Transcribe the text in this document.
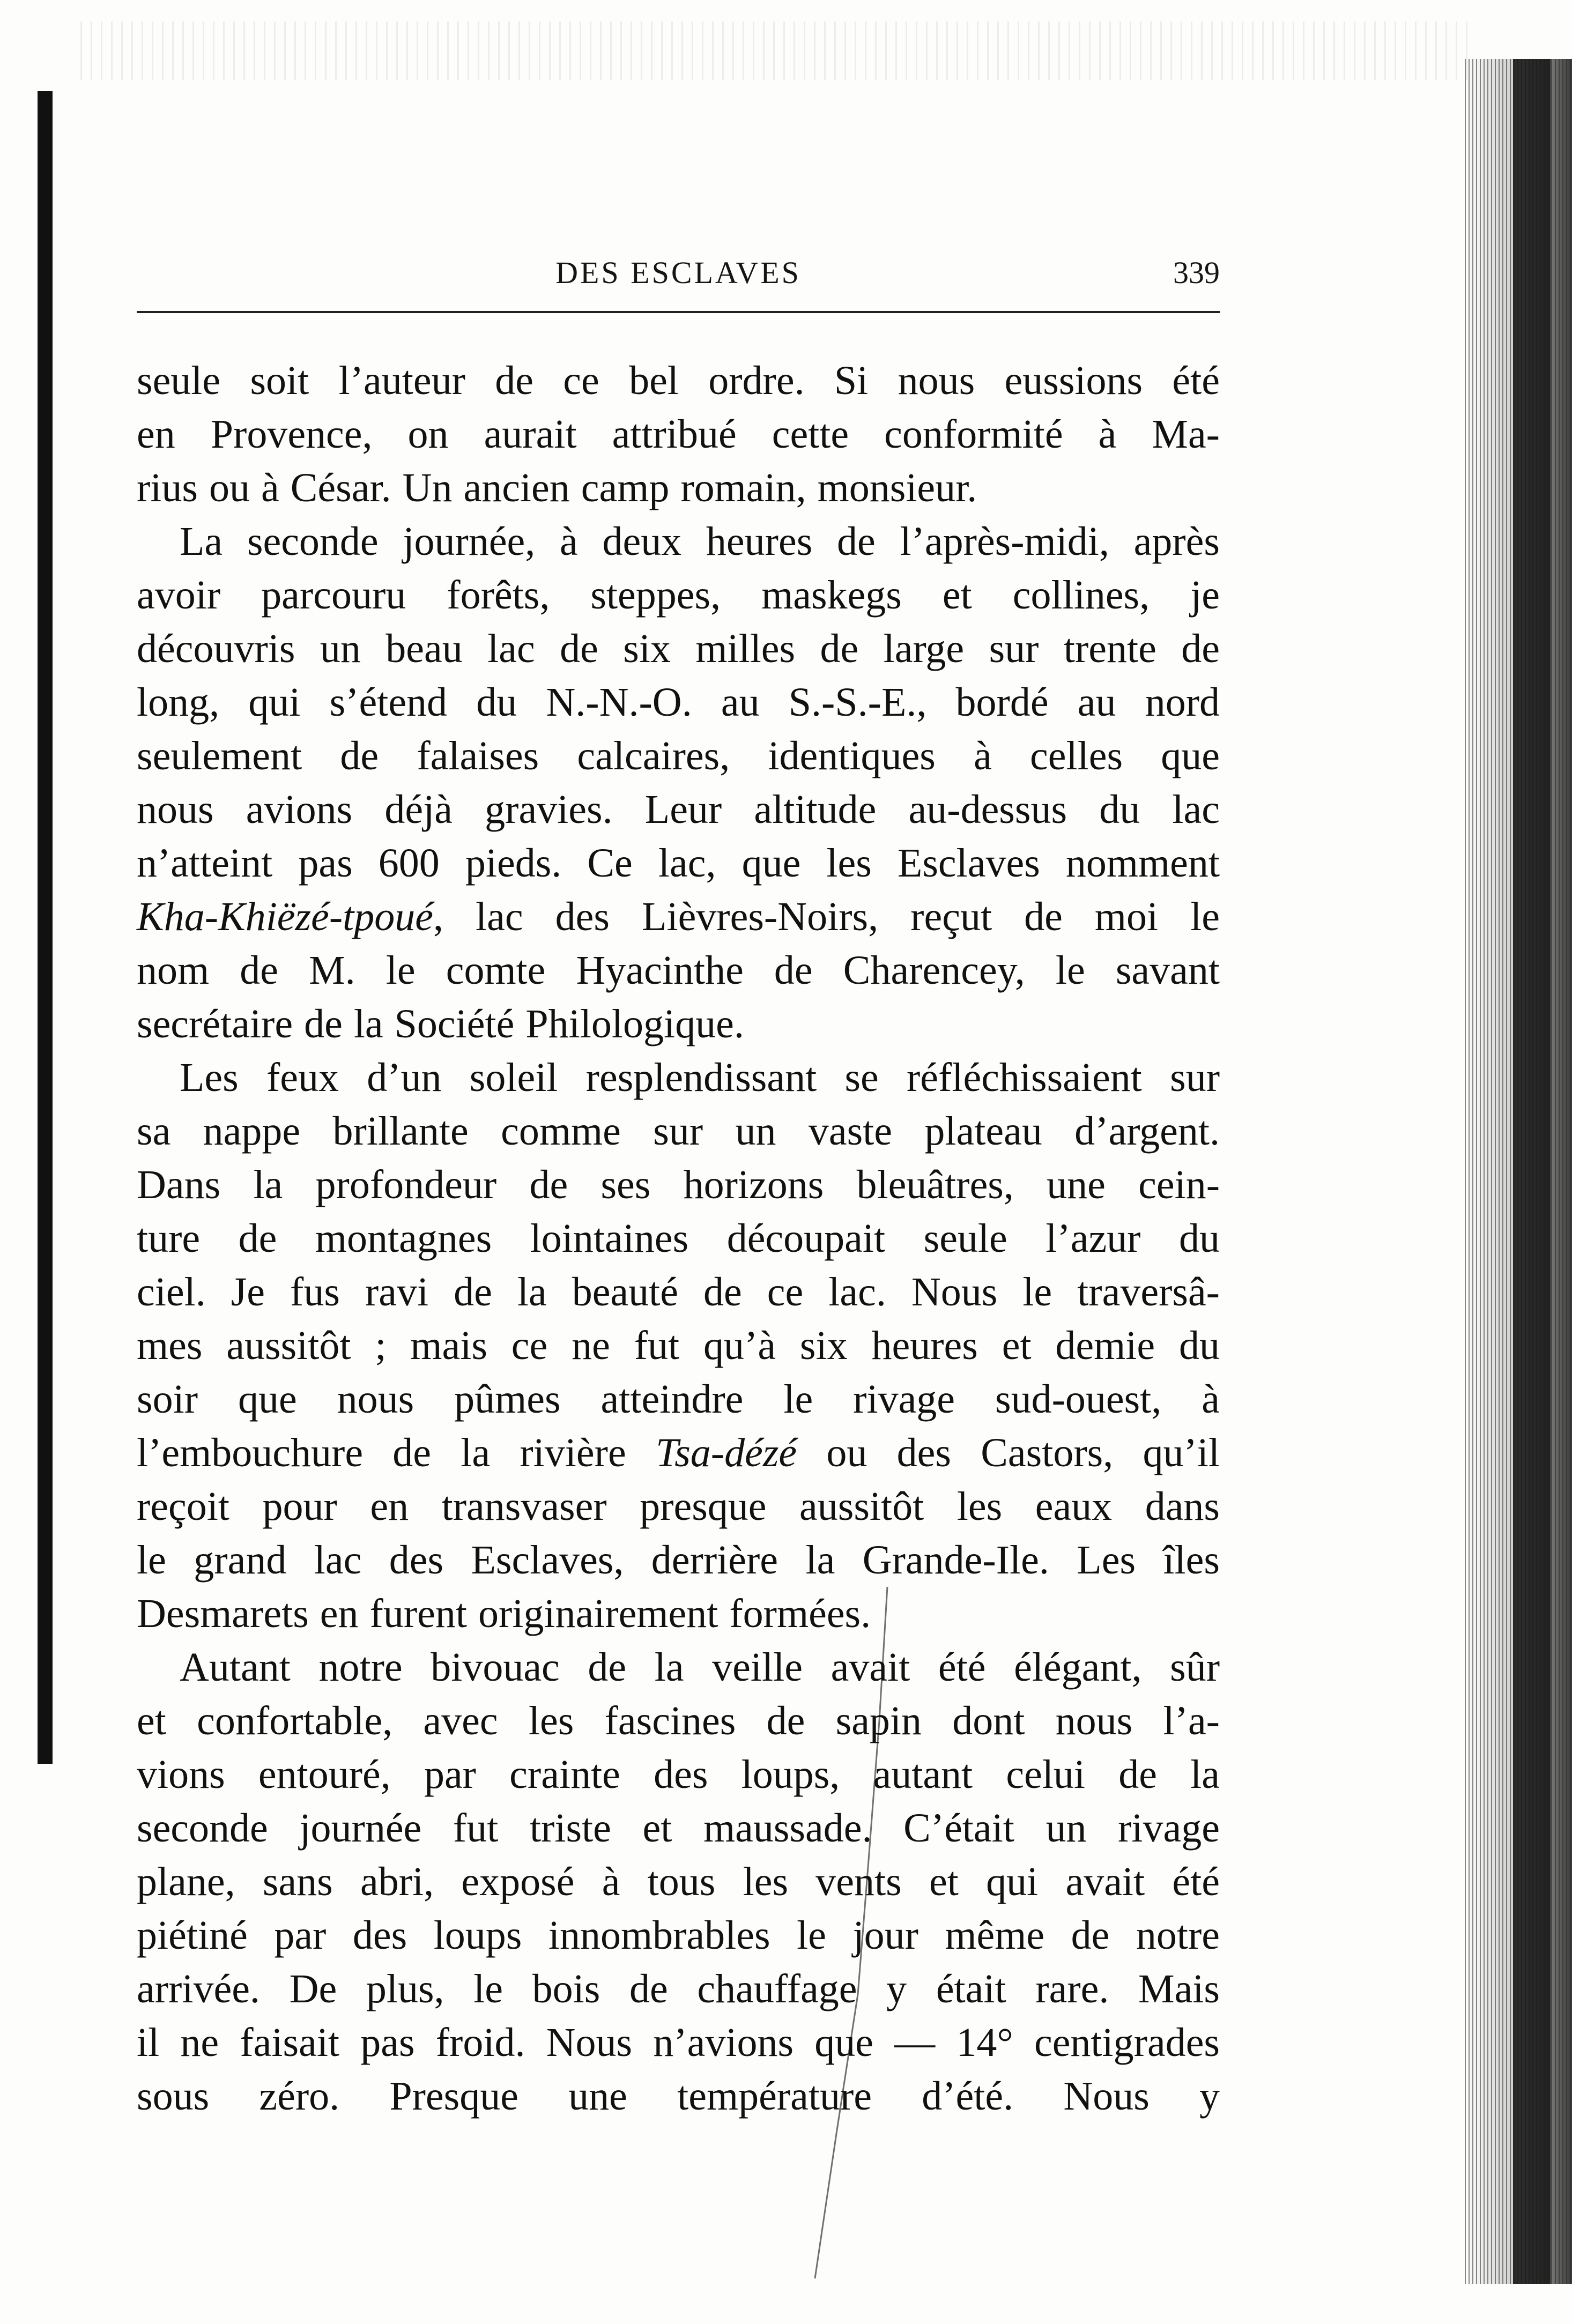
DES ESCLAVES	339
seule soit l’auteur de ce bel ordre. Si nous eussions été
en Provence, on aurait attribué cette conformité à Ma-
rius ou à César. Un ancien camp romain, monsieur.
La seconde journée, à deux heures de l’après-midi, après
avoir parcouru forêts, steppes, maskegs et collines, je
découvris un beau lac de six milles de large sur trente de
long, qui s’étend du N.-N.-O. au S.-S.-E., bordé au nord
seulement de falaises calcaires, identiques à celles que
nous avions déjà gravies. Leur altitude au-dessus du lac
n’atteint pas 600 pieds. Ce lac, que les Esclaves nomment
Kha-Khiëzé-tpoué, lac des Lièvres-Noirs, reçut de moi le
nom de M. le comte Hyacinthe de Charencey, le savant
secrétaire de la Société Philologique.
Les feux d’un soleil resplendissant se réfléchissaient sur
sa nappe brillante comme sur un vaste plateau d’argent.
Dans la profondeur de ses horizons bleuâtres, une cein-
ture de montagnes lointaines découpait seule l’azur du
ciel. Je fus ravi de la beauté de ce lac. Nous le traversâ-
mes aussitôt ; mais ce ne fut qu’à six heures et demie du
soir que nous pûmes atteindre le rivage sud-ouest, à
l’embouchure de la rivière Tsa-dézé ou des Castors, qu’il
reçoit pour en transvaser presque aussitôt les eaux dans
le grand lac des Esclaves, derrière la Grande-Ile. Les îles
Desmarets en furent originairement formées.
Autant notre bivouac de la veille avait été élégant, sûr
et confortable, avec les fascines de sapin dont nous l’a-
vions entouré, par crainte des loups, autant celui de la
seconde journée fut triste et maussade. C’était un rivage
plane, sans abri, exposé à tous les vents et qui avait été
piétiné par des loups innombrables le jour même de notre
arrivée. De plus, le bois de chauffage y était rare. Mais
il ne faisait pas froid. Nous n’avions que — 14° centigrades
sous zéro. Presque une température d’été. Nous y
